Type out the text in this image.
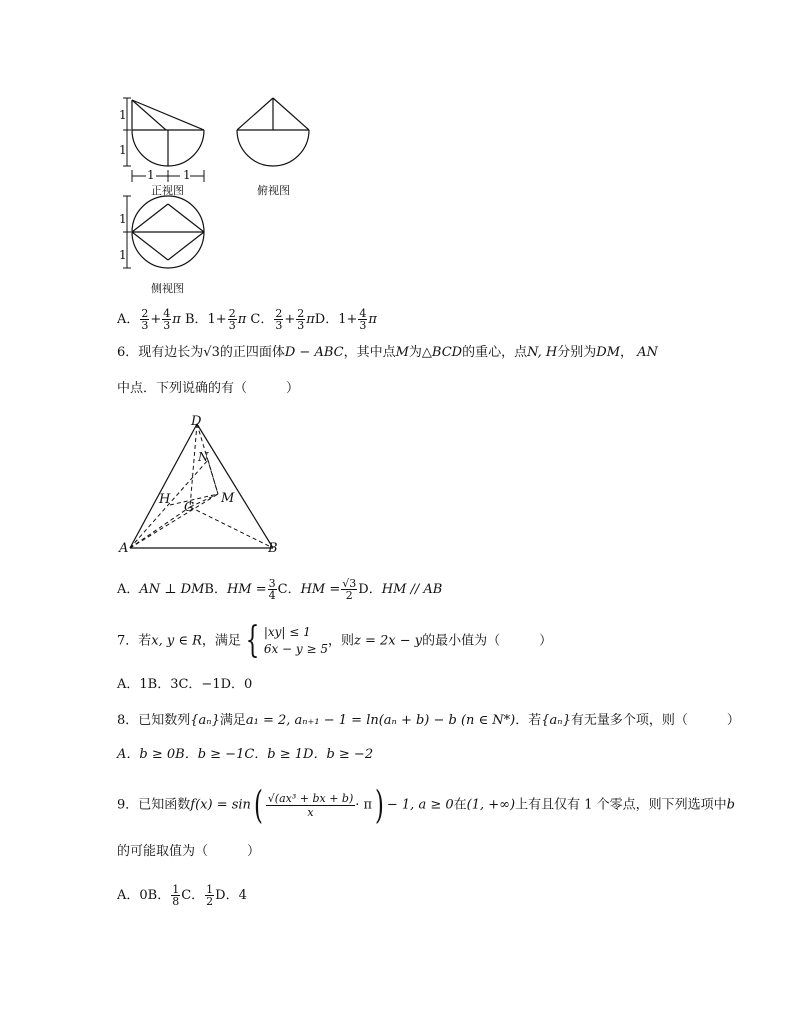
1
1
1 1
1
1
正视图	俯视图
侧视图
A． $\frac{2}{3} + \frac{4}{3}$ π B．$1+ \frac{2}{3}$ π C． $\frac{2}{3} + \frac{2}{3}$ πD．$1+ \frac{4}{3}$ π
6．现有边长为√3的正四面体D − ABC，其中点M为△BCD的重心，点N, H分别为DM， AN
中点．下列说确的有（　　　）
D
N
H
C
M
A	B
A．AN ⊥ DMB．HM = $\frac{3}{4}$ C．HM = $\frac{√3}{2}$ D．HM // AB
7．若x, y ∈ R，满足 { |xy| ≤ 1
6x − y ≥ 5
，则z = 2x − y的最小值为（　　　）
A．1B．3C．−1D．0
8．已知数列{aₙ}满足a₁ = 2, aₙ₊₁ − 1 = ln(aₙ + b) − b (n ∈ N*)．若{aₙ}有无量多个项，则（　　　）
A．b ≥ 0B．b ≥ −1C．b ≥ 1D．b ≥ −2
9．已知函数$f(x) = \sin( \frac{\text{√(ax³ + bx + b)}}{x} \cdot \pi) - 1$, a ≥ 0在(1, +∞)上有且仅有 1 个零点，则下列选项中b
的可能取值为（　　　）
A．0B． $\frac{1}{8}$ C． $\frac{1}{2}$ D．4
